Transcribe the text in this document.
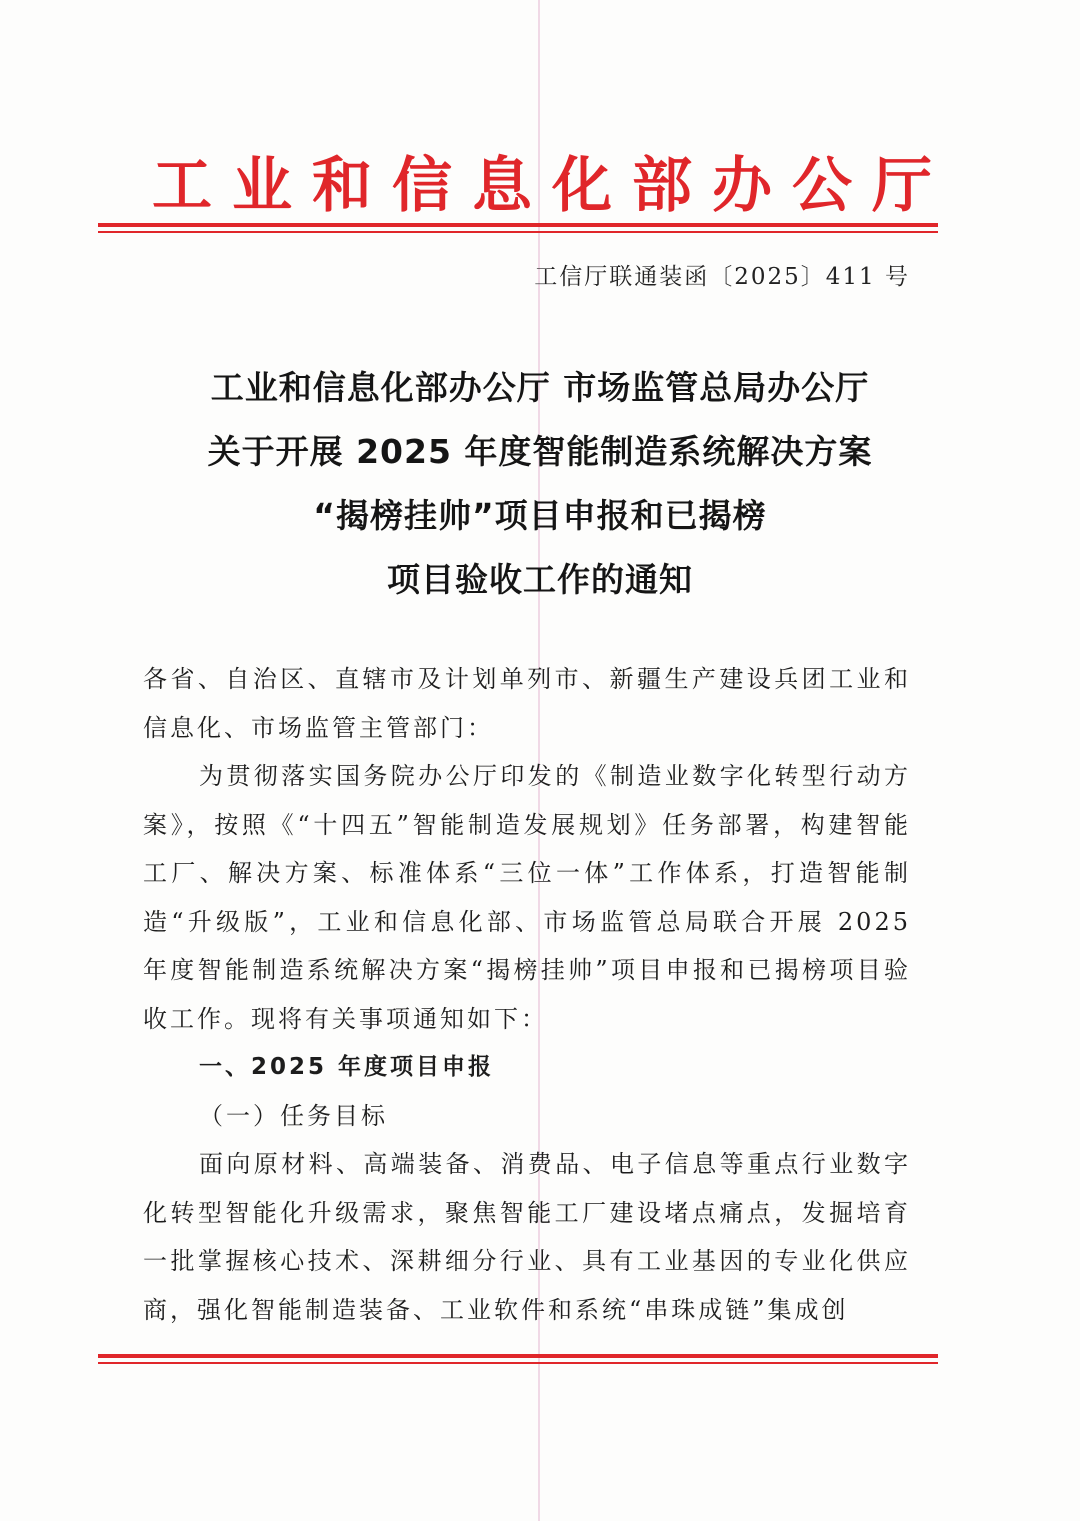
工业和信息化部办公厅
工信厅联通装函〔2025〕411 号
工业和信息化部办公厅 市场监管总局办公厅
关于开展 2025 年度智能制造系统解决方案
“揭榜挂帅”项目申报和已揭榜
项目验收工作的通知

各省、自治区、直辖市及计划单列市、新疆生产建设兵团工业和信息化、市场监管主管部门：

为贯彻落实国务院办公厅印发的《制造业数字化转型行动方案》，按照《“十四五”智能制造发展规划》任务部署，构建智能工厂、解决方案、标准体系“三位一体”工作体系，打造智能制造“升级版”，工业和信息化部、市场监管总局联合开展 2025 年度智能制造系统解决方案“揭榜挂帅”项目申报和已揭榜项目验收工作。现将有关事项通知如下：

一、2025 年度项目申报

（一）任务目标

面向原材料、高端装备、消费品、电子信息等重点行业数字化转型智能化升级需求，聚焦智能工厂建设堵点痛点，发掘培育一批掌握核心技术、深耕细分行业、具有工业基因的专业化供应商，强化智能制造装备、工业软件和系统“串珠成链”集成创
